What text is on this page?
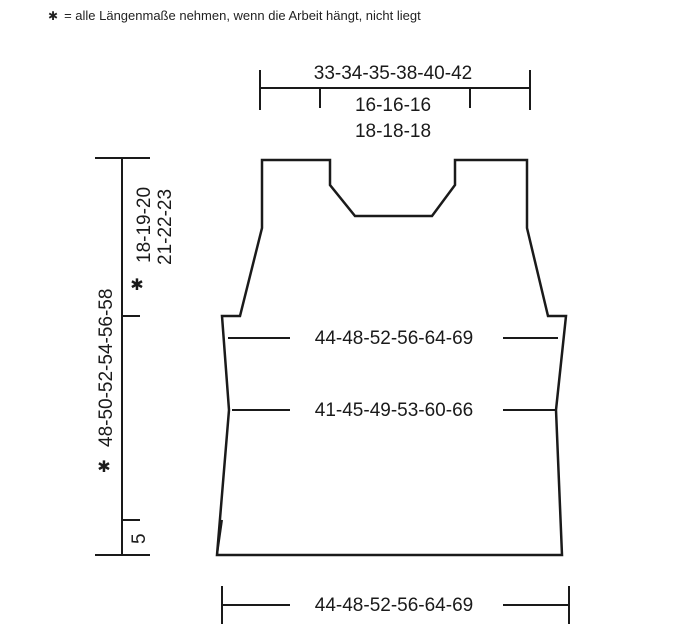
✱ = alle Längenmaße nehmen, wenn die Arbeit hängt, nicht liegt
33-34-35-38-40-42
16-16-16
18-18-18
44-48-52-56-64-69
41-45-49-53-60-66
44-48-52-56-64-69
18-19-20 21-22-23
48-50-52-54-56-58
5
✱
✱
